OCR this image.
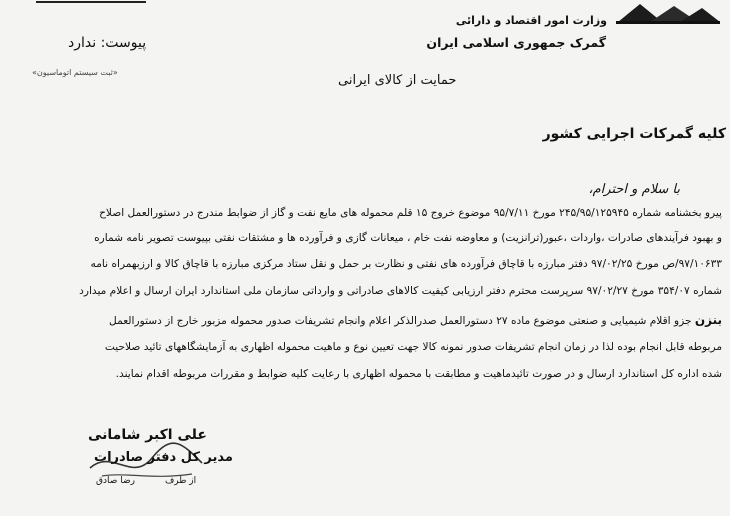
وزارت امور اقتصاد و دارائی
گمرک جمهوری اسلامی ایران
پیوست: ندارد
«ثبت سیستم اتوماسیون»
حمایت از کالای ایرانی
کلیه گمرکات اجرایی کشور
با سلام و احترام،
پیرو بخشنامه شماره ۲۴۵/۹۵/۱۲۵۹۴۵ مورخ ۹۵/۷/۱۱ موضوع خروج ۱۵ قلم محموله های مایع نفت و گاز از ضوابط مندرج در دستورالعمل اصلاح
و بهبود فرآیندهای صادرات ،واردات ،عبور(ترانزیت) و معاوضه نفت خام ، میعانات گازی و فرآورده ها و مشتقات نفتی بپیوست تصویر نامه شماره
۹۷/۱۰۶۳۳/ص مورخ ۹۷/۰۲/۲۵ دفتر مبارزه با قاچاق فرآورده های نفتی و نظارت بر حمل و نقل ستاد مرکزی مبارزه با قاچاق کالا و ارزبهمراه نامه
شماره ۳۵۴/۰۷ مورخ ۹۷/۰۲/۲۷ سرپرست محترم دفتر ارزیابی کیفیت کالاهای صادراتی و وارداتی سازمان ملی استاندارد ایران ارسال و اعلام میدارد
بنزن جزو اقلام شیمیایی و صنعتی موضوع ماده ۲۷ دستورالعمل صدرالذکر اعلام وانجام تشریفات صدور محموله مزبور خارج از دستورالعمل
مربوطه قابل انجام بوده لذا در زمان انجام تشریفات صدور نمونه کالا جهت تعیین نوع و ماهیت محموله اظهاری به آزمایشگاههای تائید صلاحیت
شده اداره کل استاندارد ارسال و در صورت تائیدماهیت و مطابقت با محموله اظهاری با رعایت کلیه ضوابط و مقررات مربوطه اقدام نمایند.
علی اکبر شامانی
مدیر کل دفتر صادرات
از طرفرضا صادق
